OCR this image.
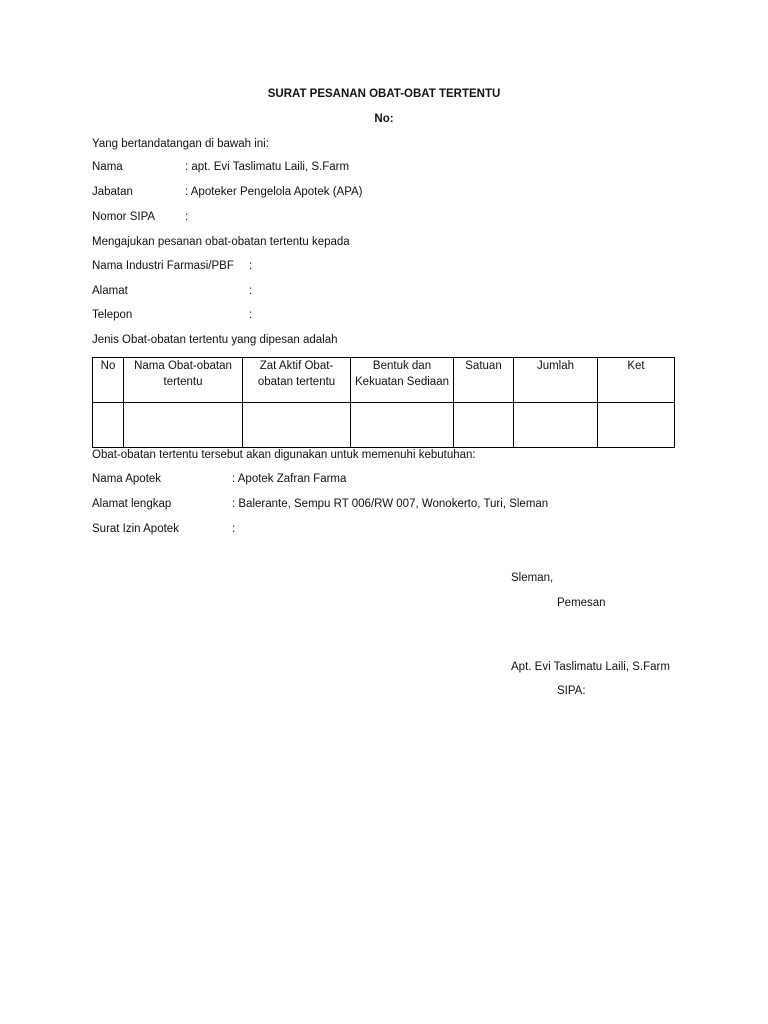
SURAT PESANAN OBAT-OBAT TERTENTU
No:
Yang bertandatangan di bawah ini:
Nama	: apt. Evi Taslimatu Laili, S.Farm
Jabatan	: Apoteker Pengelola Apotek (APA)
Nomor SIPA	:
Mengajukan pesanan obat-obatan tertentu kepada
Nama Industri Farmasi/PBF :
Alamat	:
Telepon	:
Jenis Obat-obatan tertentu yang dipesan adalah
No	Nama Obat-obatan tertentu	Zat Aktif Obat-obatan tertentu	Bentuk dan Kekuatan Sediaan	Satuan	Jumlah	Ket

Obat-obatan tertentu tersebut akan digunakan untuk memenuhi kebutuhan:
Nama Apotek	: Apotek Zafran Farma
Alamat lengkap	: Balerante, Sempu RT 006/RW 007, Wonokerto, Turi, Sleman
Surat Izin Apotek	:
Sleman,
Pemesan
Apt. Evi Taslimatu Laili, S.Farm
SIPA:
